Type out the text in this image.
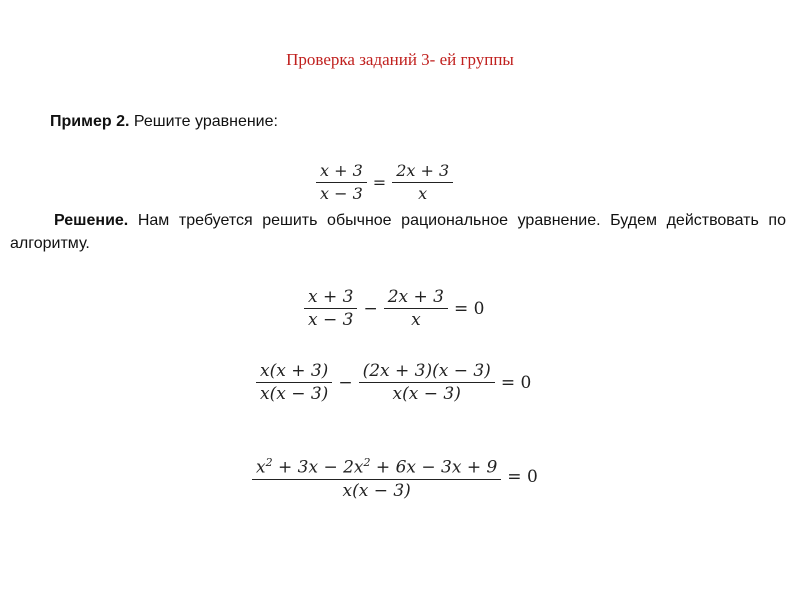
Проверка заданий 3- ей группы
Пример 2. Решите уравнение:
$\frac{x + 3}{x - 3} = \frac{2x + 3}{x}$
Решение. Нам требуется решить обычное рациональное уравнение. Будем действовать по алгоритму.
$\frac{x + 3}{x - 3} - \frac{2x + 3}{x} = 0$
$\frac{x(x + 3)}{x(x - 3)} - \frac{(2x + 3)(x - 3)}{x(x - 3)} = 0$
$\frac{x^2 + 3x - 2x^2 + 6x - 3x + 9}{x(x - 3)} = 0$
